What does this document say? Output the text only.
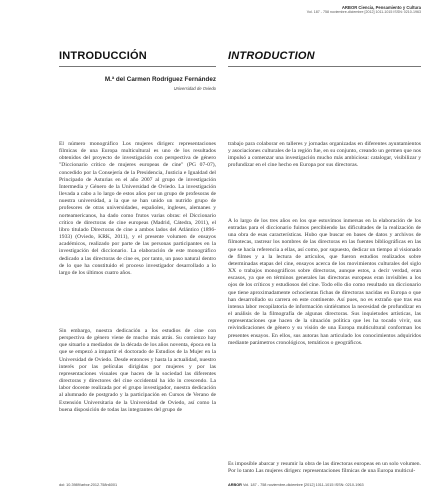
ARBOR Ciencia, Pensamiento y Cultura
Vol. 187 - 758 noviembre-diciembre [2012] 1011-1015 ISSN: 0210-1963
INTRODUCCIÓN	INTRODUCTION
M.ª del Carmen Rodríguez Fernández
Universidad de Oviedo

El número monográfico Los mujeres dirigen: representaciones fílmicas de una Europa multicultural es uno de los resultados obtenidos del proyecto de investigación con perspectiva de género "Diccionario crítico de mujeres europeas de cine" (PG 07-07), concedido por la Consejería de la Presidencia, Justicia e Igualdad del Principado de Asturias en el año 2007 al grupo de investigación Intermedia y Género de la Universidad de Oviedo. La investigación llevada a cabo a lo largo de estos años por un grupo de profesoras de nuestra universidad, a la que se han unido un nutrido grupo de profesores de otras universidades, españoles, ingleses, alemanes y norteamericanos, ha dado como frutos varias obras: el Diccionario crítico de directoras de cine europeas (Madrid, Cátedra, 2011), el libro titulado Directoras de cine a ambos lados del Atlántico (1896-1933) (Oviedo, KRK, 2011), y el presente volumen de ensayos académicos, realizado por parte de las personas participantes en la investigación del diccionario. La elaboración de este monográfico dedicado a las directoras de cine es, por tanto, un paso natural dentro de lo que ha constituido el proceso investigador desarrollado a lo largo de los últimos cuatro años.

Sin embargo, nuestra dedicación a los estudios de cine con perspectiva de género viene de mucho más atrás. Su comienzo hay que situarlo a mediados de la década de los años noventa, época en la que se empezó a impartir el doctorado de Estudios de la Mujer en la Universidad de Oviedo. Desde entonces y hasta la actualidad, nuestro interés por las películas dirigidas por mujeres y por las representaciones visuales que hacen de la sociedad las diferentes directoras y directores del cine occidental ha ido in crescendo. La labor docente realizada por el grupo investigador, nuestra dedicación al alumnado de postgrado y la participación en Cursos de Verano de Extensión Universitaria de la Universidad de Oviedo, así como la buena disposición de todas las integrantes del grupo de

trabajo para colaborar en talleres y jornadas organizadas en diferentes ayuntamientos y asociaciones culturales de la región fue, en su conjunto, creando un germen que nos impulsó a comenzar una investigación mucho más ambiciosa: catalogar, visibilizar y profundizar en el cine hecho en Europa por sus directoras.

A lo largo de los tres años en los que estuvimos inmersas en la elaboración de los entradas para el diccionario fuimos percibiendo las dificultades de la realización de una obra de esas características. Hubo que buscar en bases de datos y archivos de filmotecas, rastrear los nombres de las directoras en las fuentes bibliográficas en las que se hacía referencia a ellas, así como, por supuesto, dedicar un tiempo al visionado de filmes y a la lectura de artículos, que fueron estudios realizados sobre determinadas etapas del cine, ensayos acerca de los movimientos culturales del siglo XX o trabajos monográficos sobre directoras, aunque estos, a decir verdad, eran escasos, ya que en términos generales las directoras europeas eran invisibles a los ojos de los críticos y estudiosos del cine. Todo ello dio como resultado un diccionario que tiene aproximadamente ochocientas fichas de directoras nacidas en Europa o que han desarrollado su carrera en este continente. Así pues, no es extraño que tras esa intensa labor recopilatoria de información sintiéramos la necesidad de profundizar en el análisis de la filmografía de algunas directoras. Sus inquietudes artísticas, las representaciones que hacen de la situación política que les ha tocado vivir, sus reivindicaciones de género y su visión de una Europa multicultural conforman los presentes ensayos. En ellos, sus autoras han articulado los conocimientos adquiridos mediante parámetros cronológicos, temáticos o geográficos.

Es imposible abarcar y resumir la obra de las directoras europeas en un solo volumen. Por lo tanto Las mujeres dirigen: representaciones fílmicas de una Europa multicul-

doi: 10.3989/arbor.2012.758n6001	ARBOR Vol. 187 - 758 noviembre-diciembre [2012] 1011-1015 ISSN: 0210-1963
